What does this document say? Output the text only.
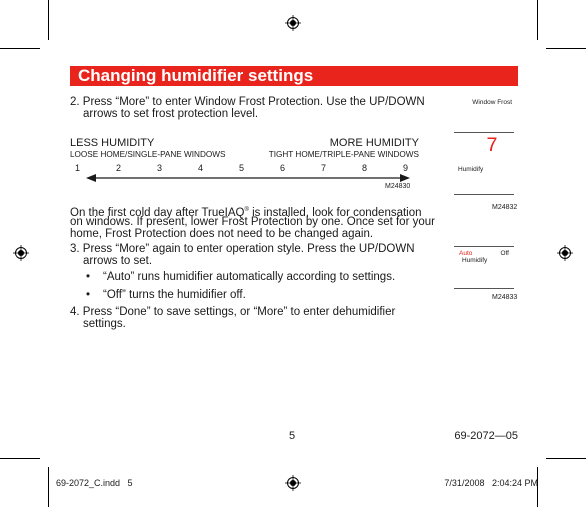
Changing humidifier settings
2. Press “More” to enter Window Frost Protection. Use the UP/DOWN
arrows to set frost protection level.
LESS HUMIDITY
LOOSE HOME/SINGLE-PANE WINDOWS
MORE HUMIDITY
TIGHT HOME/TRIPLE-PANE WINDOWS
1	2	3	4	5	6	7	8	9
M24830
On the first cold day after TrueIAQ® is installed, look for condensation
on windows. If present, lower Frost Protection by one. Once set for your
home, Frost Protection does not need to be changed again.
3. Press “More” again to enter operation style. Press the UP/DOWN
arrows to set.
• “Auto” runs humidifier automatically according to settings.
• “Off” turns the humidifier off.
4. Press “Done” to save settings, or “More” to enter dehumidifier
settings.
Window Frost
7
Humidify
M24832
Auto	Off
Humidify
M24833
5	69-2072—05
69-2072_C.indd   5	7/31/2008   2:04:24 PM
